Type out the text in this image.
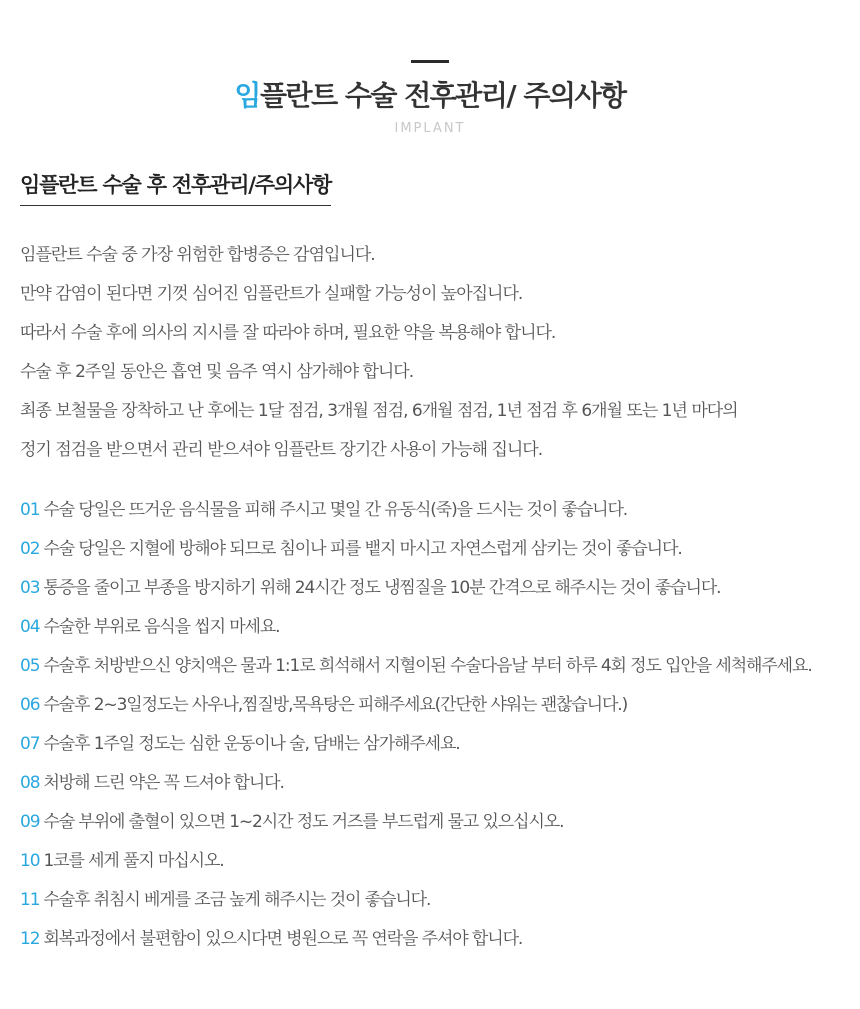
임플란트 수술 전후관리/ 주의사항
IMPLANT
임플란트 수술 후 전후관리/주의사항

임플란트 수술 중 가장 위험한 합병증은 감염입니다.

만약 감염이 된다면 기껏 심어진 임플란트가 실패할 가능성이 높아집니다.

따라서 수술 후에 의사의 지시를 잘 따라야 하며, 필요한 약을 복용해야 합니다.

수술 후 2주일 동안은 흡연 및 음주 역시 삼가해야 합니다.

최종 보철물을 장착하고 난 후에는 1달 점검, 3개월 점검, 6개월 점검, 1년 점검 후 6개월 또는 1년 마다의

정기 점검을 받으면서 관리 받으셔야 임플란트 장기간 사용이 가능해 집니다.

01 수술 당일은 뜨거운 음식물을 피해 주시고 몇일 간 유동식(죽)을 드시는 것이 좋습니다.
02 수술 당일은 지혈에 방해야 되므로 침이나 피를 뱉지 마시고 자연스럽게 삼키는 것이 좋습니다.
03 통증을 줄이고 부종을 방지하기 위해 24시간 정도 냉찜질을 10분 간격으로 해주시는 것이 좋습니다.
04 수술한 부위로 음식을 씹지 마세요.
05 수술후 처방받으신 양치액은 물과 1:1로 희석해서 지혈이된 수술다음날 부터 하루 4회 정도 입안을 세척해주세요.
06 수술후 2~3일정도는 사우나,찜질방,목욕탕은 피해주세요(간단한 샤워는 괜찮습니다.)
07 수술후 1주일 정도는 심한 운동이나 술, 담배는 삼가해주세요.
08 처방해 드린 약은 꼭 드셔야 합니다.
09 수술 부위에 출혈이 있으면 1~2시간 정도 거즈를 부드럽게 물고 있으십시오.
10 1코를 세게 풀지 마십시오.
11 수술후 취침시 베게를 조금 높게 해주시는 것이 좋습니다.
12 회복과정에서 불편함이 있으시다면 병원으로 꼭 연락을 주셔야 합니다.
